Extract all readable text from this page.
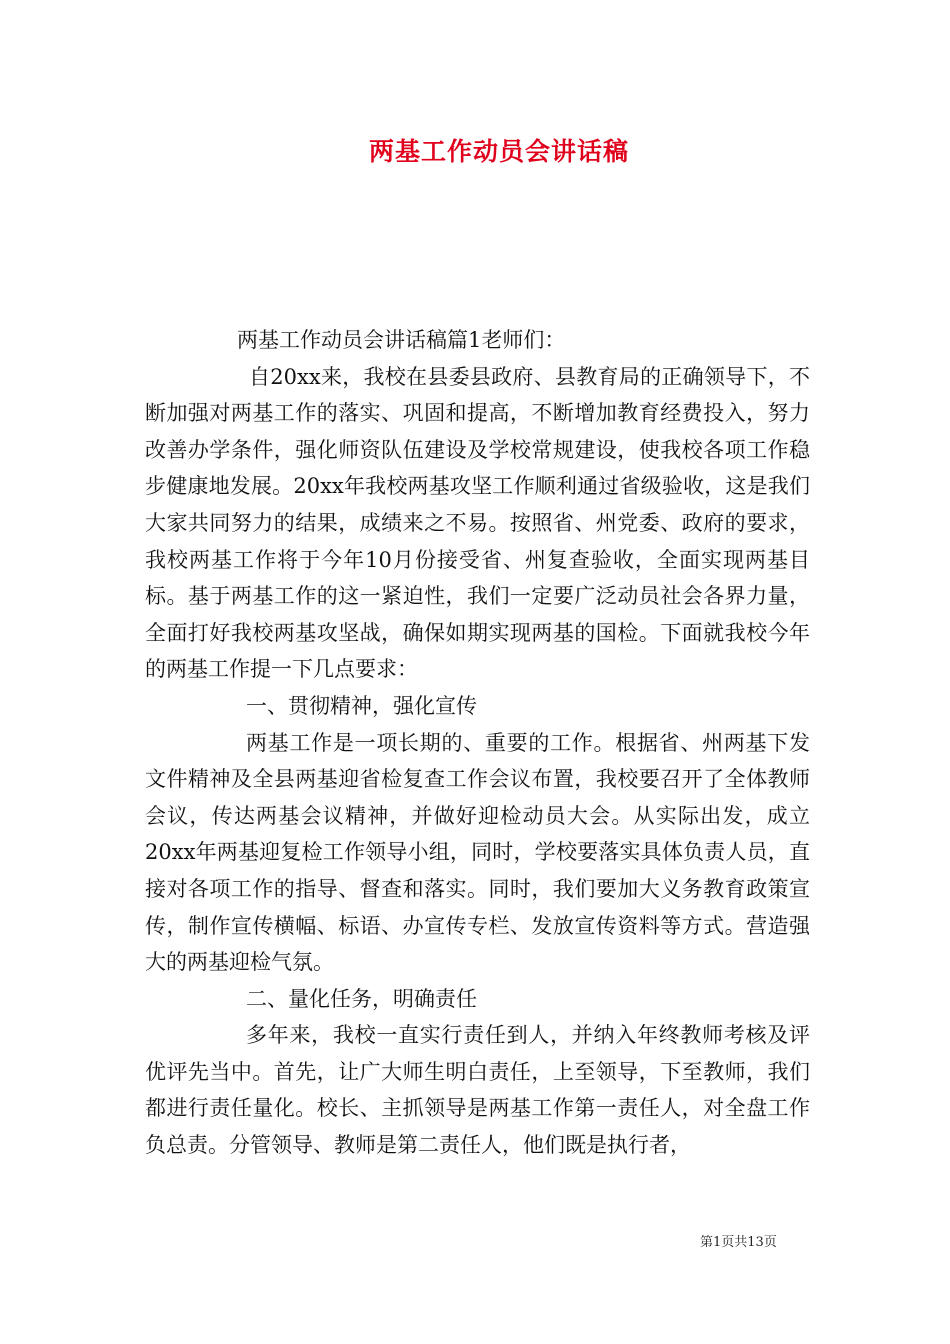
两基工作动员会讲话稿

两基工作动员会讲话稿篇1老师们：

自20xx来，我校在县委县政府、县教育局的正确领导下，不断加强对两基工作的落实、巩固和提高，不断增加教育经费投入，努力改善办学条件，强化师资队伍建设及学校常规建设，使我校各项工作稳步健康地发展。20xx年我校两基攻坚工作顺利通过省级验收，这是我们大家共同努力的结果，成绩来之不易。按照省、州党委、政府的要求，我校两基工作将于今年10月份接受省、州复查验收，全面实现两基目标。基于两基工作的这一紧迫性，我们一定要广泛动员社会各界力量，全面打好我校两基攻坚战，确保如期实现两基的国检。下面就我校今年的两基工作提一下几点要求：

一、贯彻精神，强化宣传

两基工作是一项长期的、重要的工作。根据省、州两基下发文件精神及全县两基迎省检复查工作会议布置，我校要召开了全体教师会议，传达两基会议精神，并做好迎检动员大会。从实际出发，成立20xx年两基迎复检工作领导小组，同时，学校要落实具体负责人员，直接对各项工作的指导、督查和落实。同时，我们要加大义务教育政策宣传，制作宣传横幅、标语、办宣传专栏、发放宣传资料等方式。营造强大的两基迎检气氛。

二、量化任务，明确责任

多年来，我校一直实行责任到人，并纳入年终教师考核及评优评先当中。首先，让广大师生明白责任，上至领导，下至教师，我们都进行责任量化。校长、主抓领导是两基工作第一责任人，对全盘工作负总责。分管领导、教师是第二责任人，他们既是执行者，

第1页共13页
